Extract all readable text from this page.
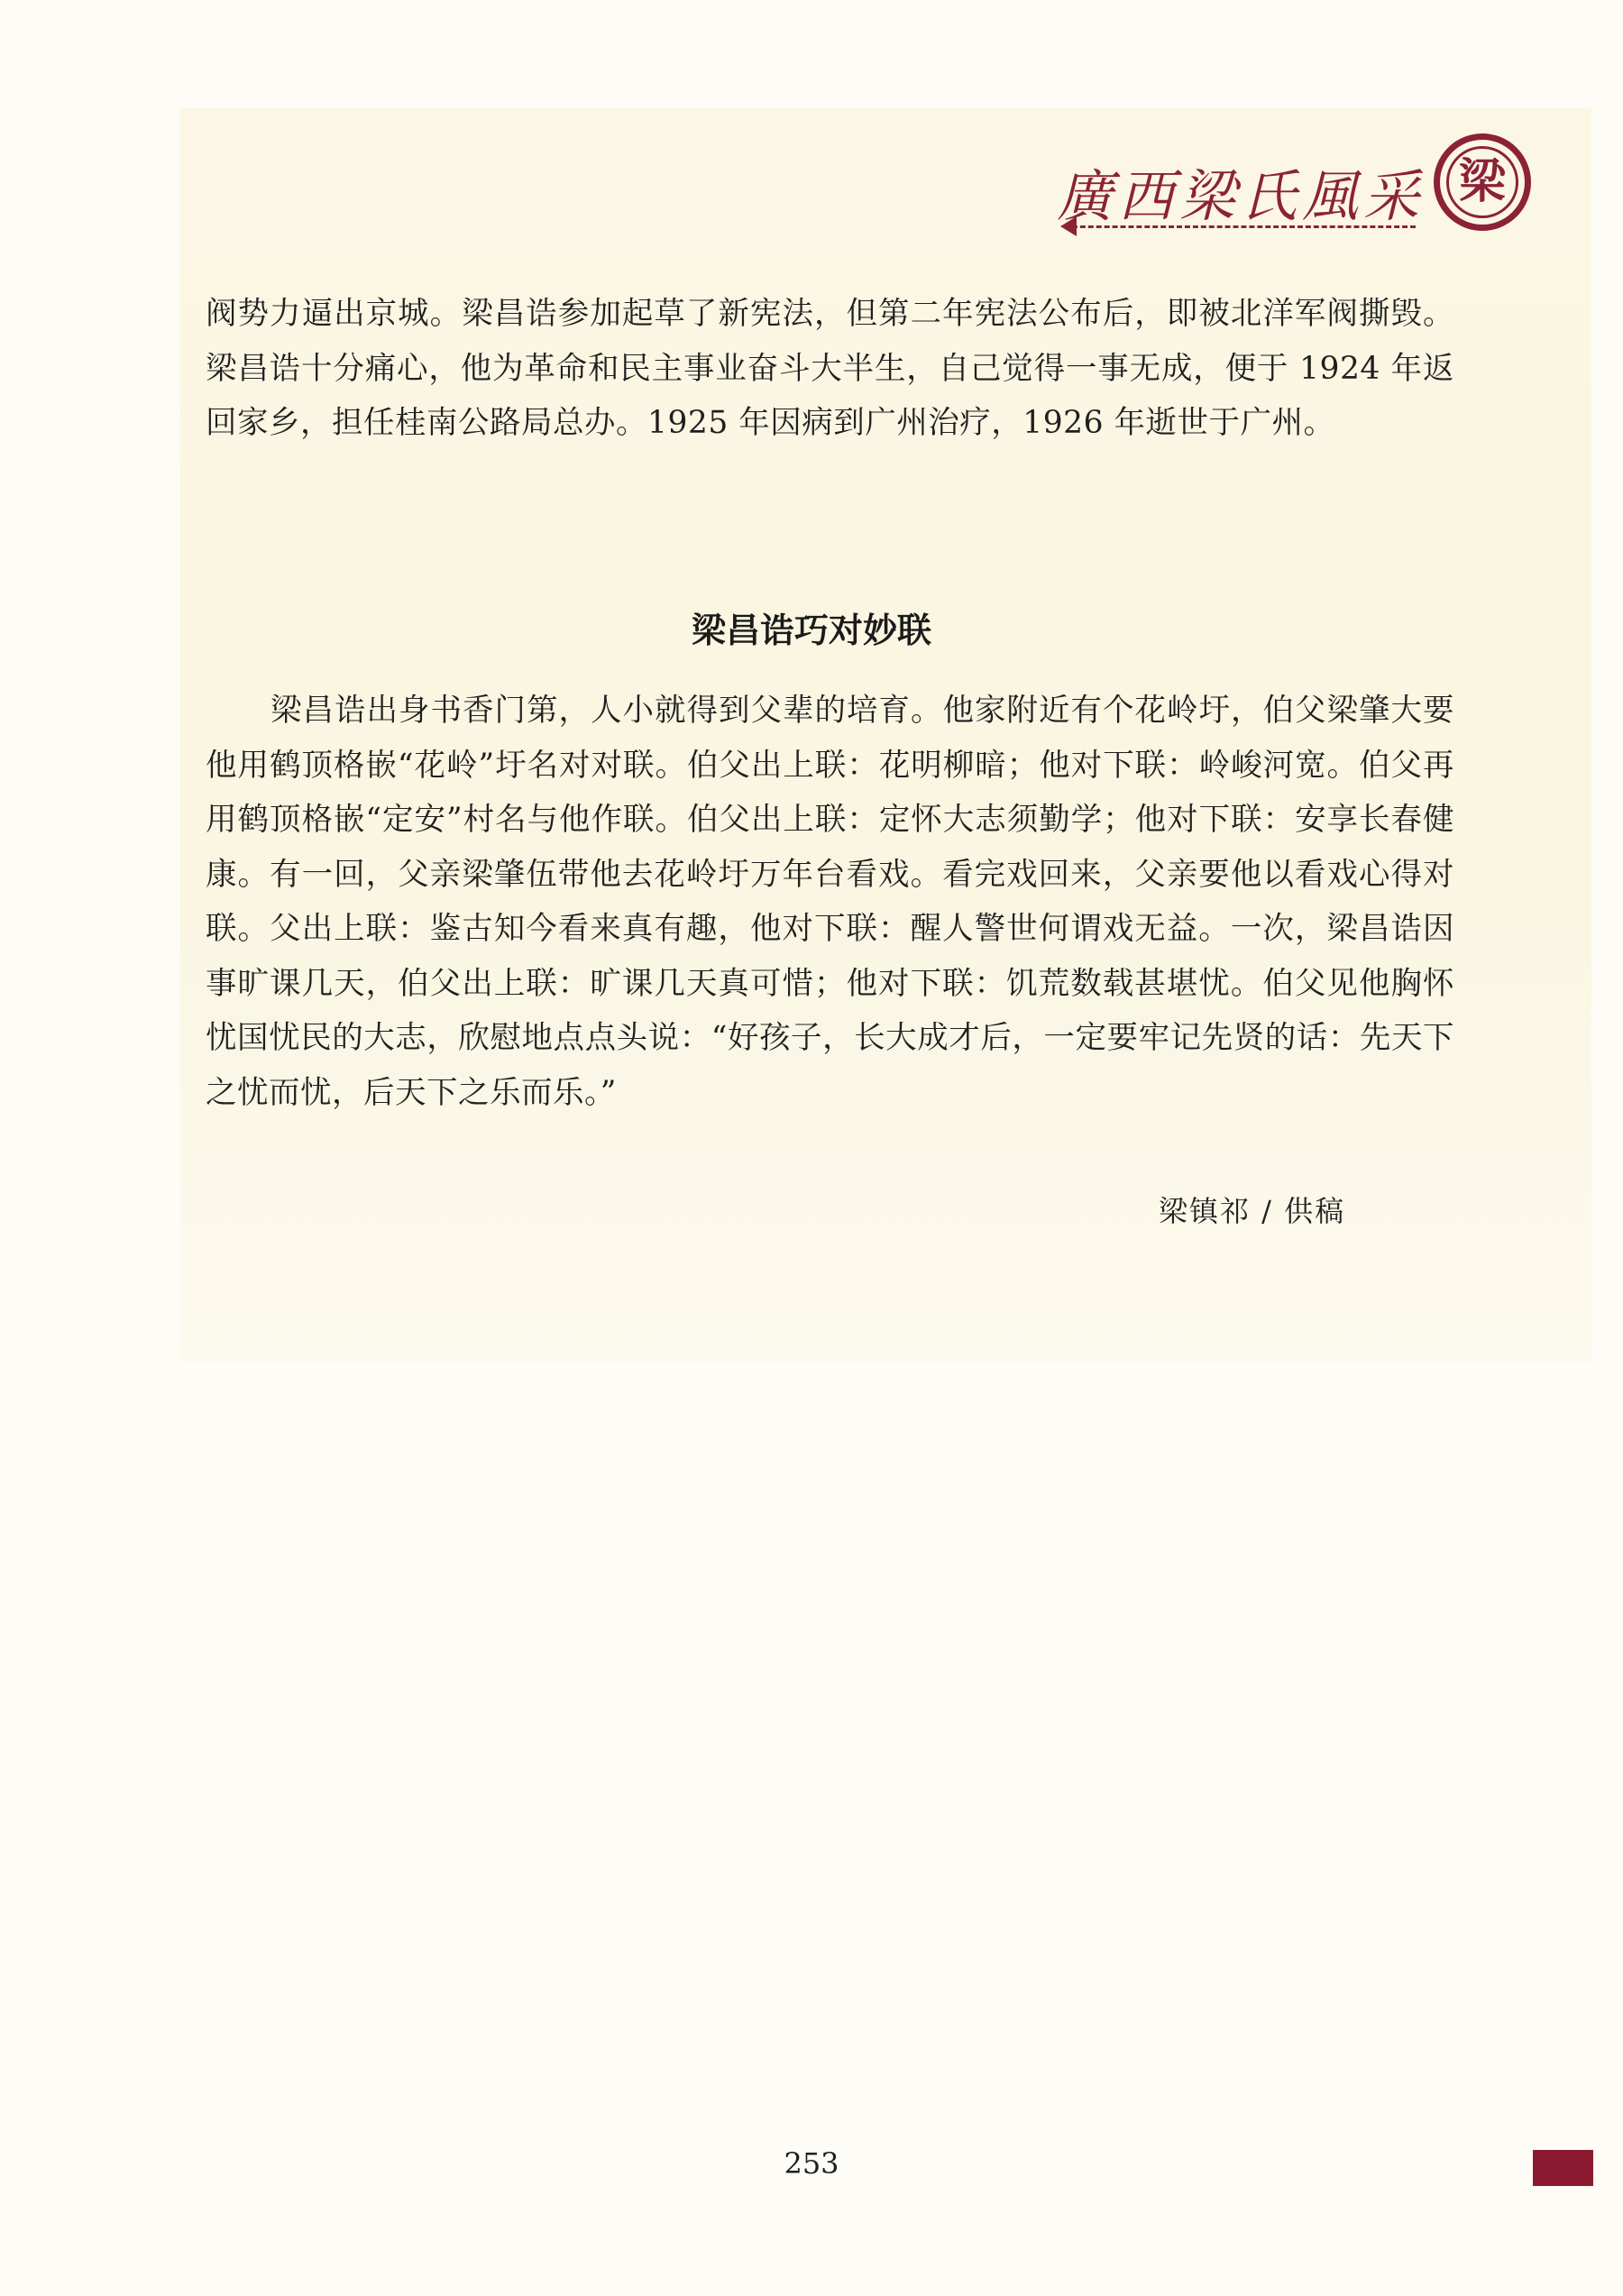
廣西梁氏風采 梁
阀势力逼出京城。梁昌诰参加起草了新宪法，但第二年宪法公布后，即被北洋军阀撕毁。梁昌诰十分痛心，他为革命和民主事业奋斗大半生，自己觉得一事无成，便于 1924 年返回家乡，担任桂南公路局总办。1925 年因病到广州治疗，1926 年逝世于广州。
梁昌诰巧对妙联
梁昌诰出身书香门第，人小就得到父辈的培育。他家附近有个花岭圩，伯父梁肇大要他用鹤顶格嵌“花岭”圩名对对联。伯父出上联：花明柳暗；他对下联：岭峻河宽。伯父再用鹤顶格嵌“定安”村名与他作联。伯父出上联：定怀大志须勤学；他对下联：安享长春健康。有一回，父亲梁肇伍带他去花岭圩万年台看戏。看完戏回来，父亲要他以看戏心得对联。父出上联：鉴古知今看来真有趣，他对下联：醒人警世何谓戏无益。一次，梁昌诰因事旷课几天，伯父出上联：旷课几天真可惜；他对下联：饥荒数载甚堪忧。伯父见他胸怀忧国忧民的大志，欣慰地点点头说：“好孩子，长大成才后，一定要牢记先贤的话：先天下之忧而忧，后天下之乐而乐。”
梁镇祁 / 供稿
253
